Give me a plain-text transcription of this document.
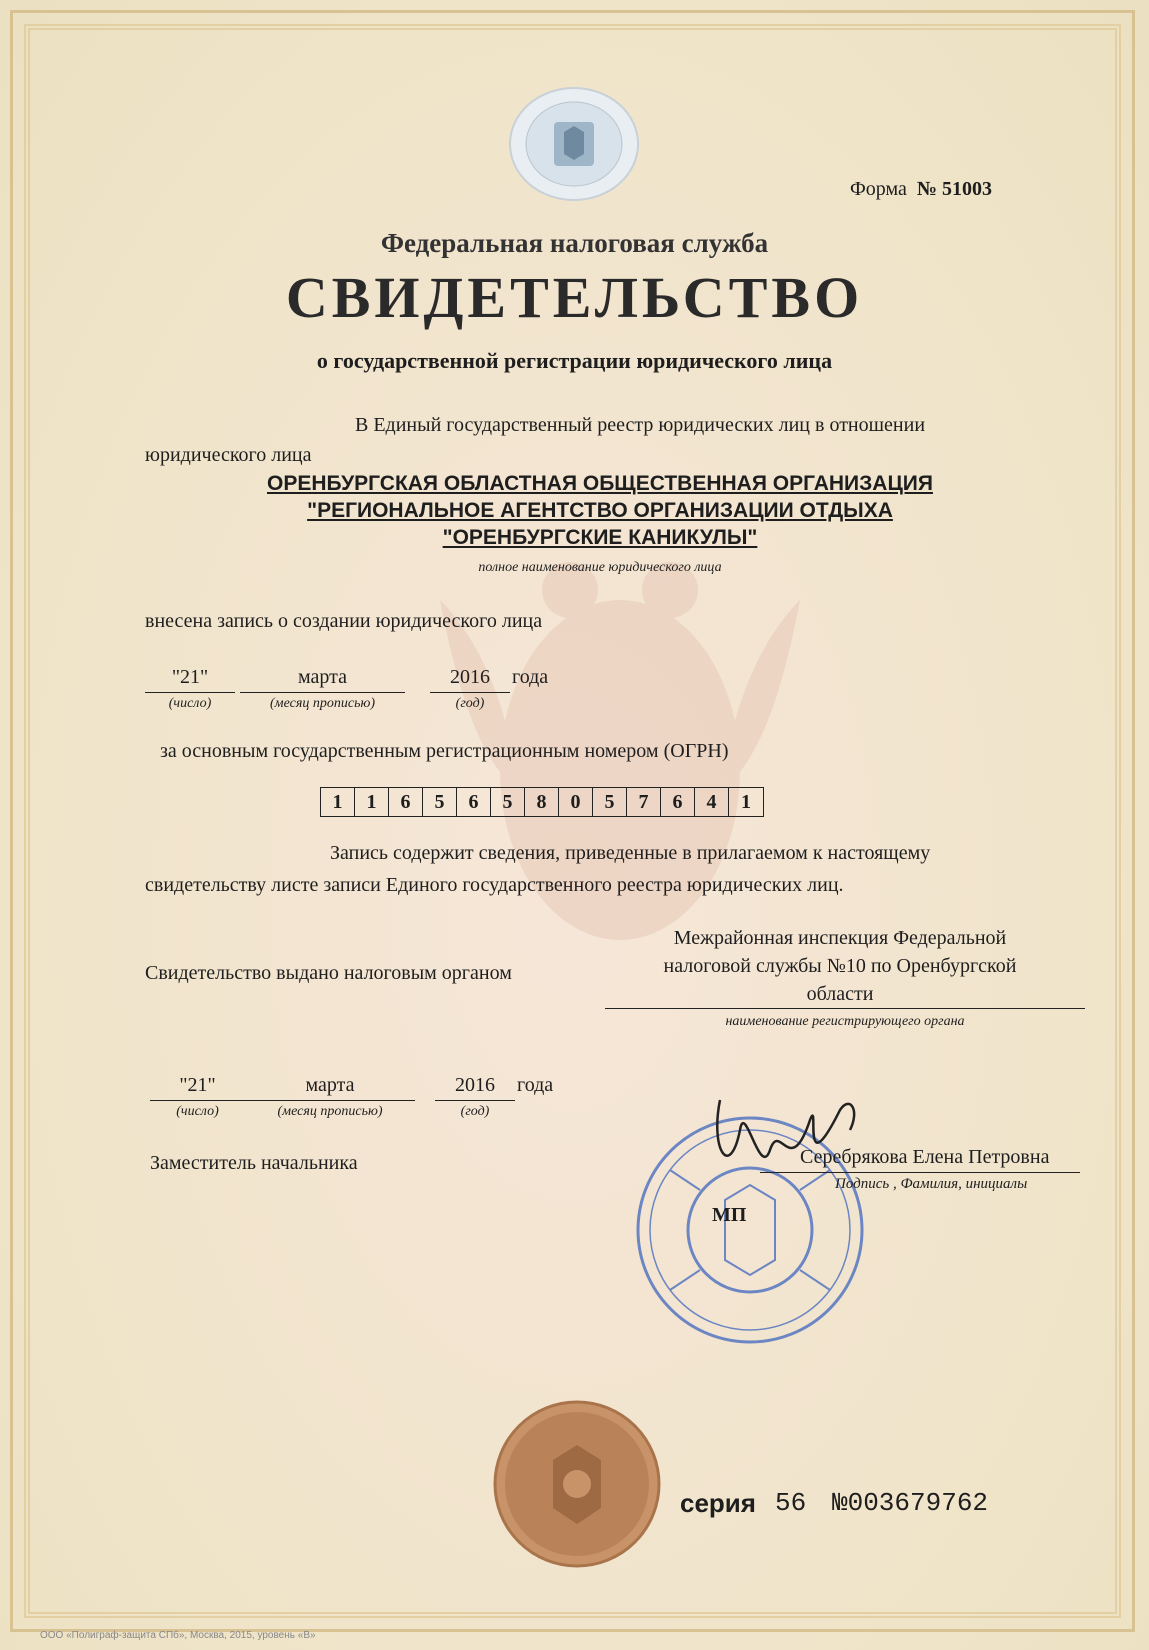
Форма № 51003
Федеральная налоговая служба
СВИДЕТЕЛЬСТВО
о государственной регистрации юридического лица
В Единый государственный реестр юридических лиц в отношении
юридического лица
ОРЕНБУРГСКАЯ ОБЛАСТНАЯ ОБЩЕСТВЕННАЯ ОРГАНИЗАЦИЯ
"РЕГИОНАЛЬНОЕ АГЕНТСТВО ОРГАНИЗАЦИИ ОТДЫХА
"ОРЕНБУРГСКИЕ КАНИКУЛЫ"
полное наименование юридического лица
внесена запись о создании юридического лица
"21"
(число)
марта
(месяц прописью)
2016
(год)
года
за основным государственным регистрационным номером (ОГРН)
1	1	6	5	6	5	8	0	5	7	6	4	1
Запись содержит сведения, приведенные в прилагаемом к настоящему
свидетельству листе записи Единого государственного реестра юридических лиц.
Свидетельство выдано налоговым органом
Межрайонная инспекция Федеральной
налоговой службы №10 по Оренбургской
области
наименование регистрирующего органа
"21"
(число)
марта
(месяц прописью)
2016
(год)
года
Заместитель начальника	Серебрякова Елена Петровна
Подпись , Фамилия, инициалы
МП
серия 56 №003679762
ООО «Полиграф-защита СПб», Москва, 2015, уровень «В»
